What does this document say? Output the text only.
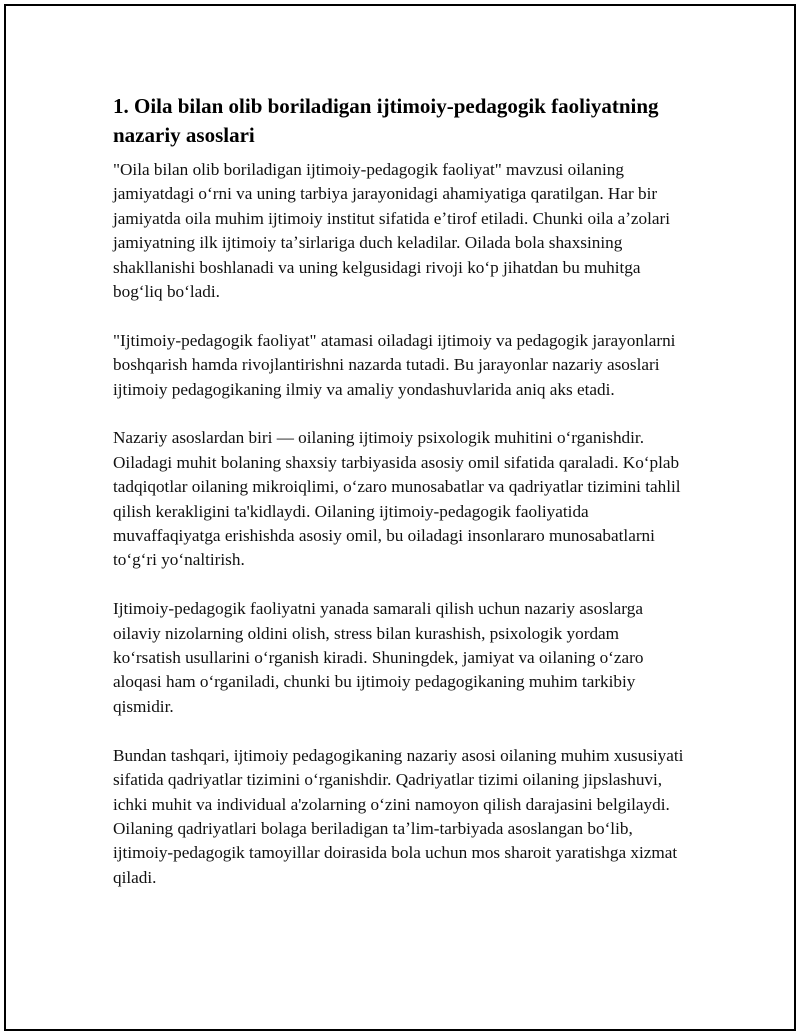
1. Oila bilan olib boriladigan ijtimoiy-pedagogik faoliyatning nazariy asoslari

"Oila bilan olib boriladigan ijtimoiy-pedagogik faoliyat" mavzusi oilaning jamiyatdagi oʻrni va uning tarbiya jarayonidagi ahamiyatiga qaratilgan. Har bir jamiyatda oila muhim ijtimoiy institut sifatida eʼtirof etiladi. Chunki oila aʼzolari jamiyatning ilk ijtimoiy taʼsirlariga duch keladilar. Oilada bola shaxsining shakllanishi boshlanadi va uning kelgusidagi rivoji koʻp jihatdan bu muhitga bogʻliq boʻladi.

"Ijtimoiy-pedagogik faoliyat" atamasi oiladagi ijtimoiy va pedagogik jarayonlarni boshqarish hamda rivojlantirishni nazarda tutadi. Bu jarayonlar nazariy asoslari ijtimoiy pedagogikaning ilmiy va amaliy yondashuvlarida aniq aks etadi.

Nazariy asoslardan biri — oilaning ijtimoiy psixologik muhitini oʻrganishdir. Oiladagi muhit bolaning shaxsiy tarbiyasida asosiy omil sifatida qaraladi. Koʻplab tadqiqotlar oilaning mikroiqlimi, oʻzaro munosabatlar va qadriyatlar tizimini tahlil qilish kerakligini ta'kidlaydi. Oilaning ijtimoiy-pedagogik faoliyatida muvaffaqiyatga erishishda asosiy omil, bu oiladagi insonlararo munosabatlarni toʻgʻri yoʻnaltirish.

Ijtimoiy-pedagogik faoliyatni yanada samarali qilish uchun nazariy asoslarga oilaviy nizolarning oldini olish, stress bilan kurashish, psixologik yordam koʻrsatish usullarini oʻrganish kiradi. Shuningdek, jamiyat va oilaning oʻzaro aloqasi ham oʻrganiladi, chunki bu ijtimoiy pedagogikaning muhim tarkibiy qismidir.

Bundan tashqari, ijtimoiy pedagogikaning nazariy asosi oilaning muhim xususiyati sifatida qadriyatlar tizimini oʻrganishdir. Qadriyatlar tizimi oilaning jipslashuvi, ichki muhit va individual a'zolarning oʻzini namoyon qilish darajasini belgilaydi. Oilaning qadriyatlari bolaga beriladigan taʼlim-tarbiyada asoslangan boʻlib, ijtimoiy-pedagogik tamoyillar doirasida bola uchun mos sharoit yaratishga xizmat qiladi.
